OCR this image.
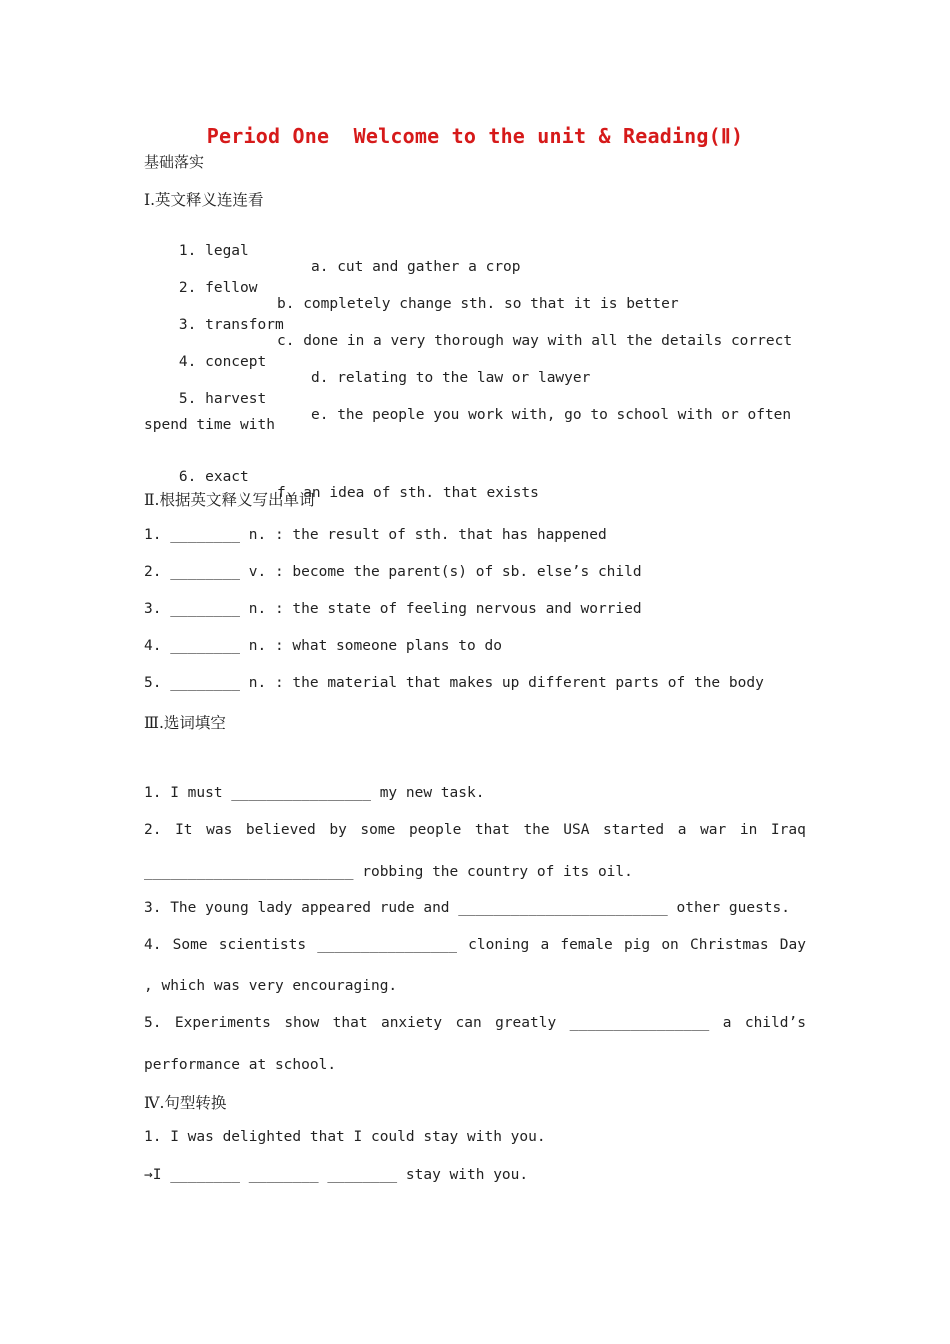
Period One  Welcome to the unit & Reading(Ⅱ)
基础落实
Ⅰ.英文释义连连看

1. legal

a. cut and gather a crop

2. fellow

b. completely change sth. so that it is better

3. transform

c. done in a very thorough way with all the details correct

4. concept

d. relating to the law or lawyer

5. harvest

e. the people you work with, go to school with or often

spend time with

6. exact

f. an idea of sth. that exists

Ⅱ.根据英文释义写出单词
1. ________ n. : the result of sth. that has happened
2. ________ v. : become the parent(s) of sb. else’s child
3. ________ n. : the state of feeling nervous and worried
4. ________ n. : what someone plans to do
5. ________ n. : the material that makes up different parts of the body
Ⅲ.选词填空
1. I must ________________ my new task.
2. It was believed by some people that the USA started a war in Iraq
________________________ robbing the country of its oil.
3. The young lady appeared rude and ________________________ other guests.
4. Some scientists ________________ cloning a female pig on Christmas Day
, which was very encouraging.
5. Experiments show that anxiety can greatly ________________ a child’s
performance at school.
Ⅳ.句型转换
1. I was delighted that I could stay with you.
→I ________ ________ ________ stay with you.
